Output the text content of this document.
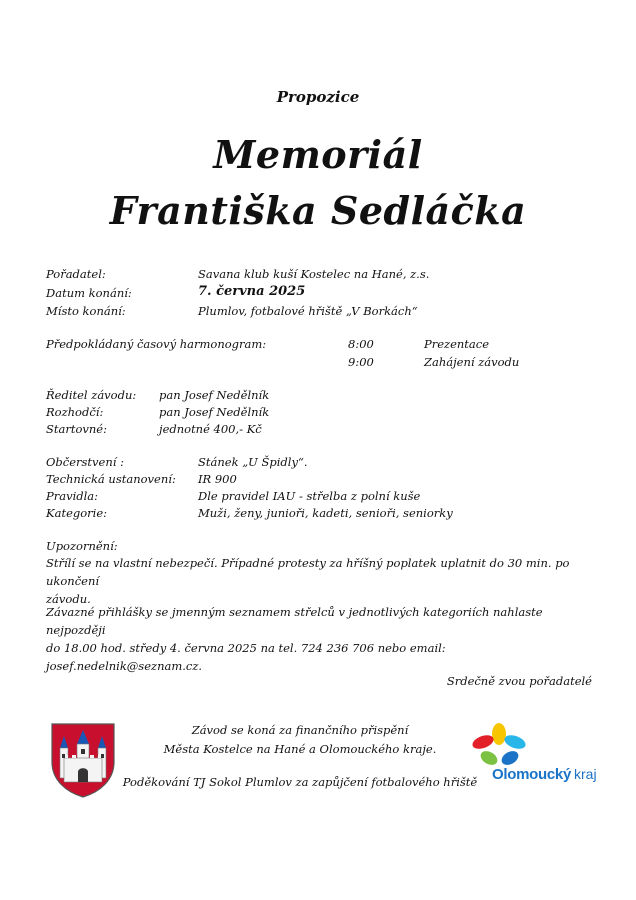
Propozice
Memoriál
Františka Sedláčka
Pořadatel:	Savana klub kuší Kostelec na Hané, z.s.
Datum konání:	7. června 2025
Místo konání:	Plumlov, fotbalové hřiště „V Borkách“
Předpokládaný časový harmonogram:	8:00	Prezentace
9:00	Zahájení závodu
Ředitel závodu: pan Josef Nedělník
Rozhodčí:	pan Josef Nedělník
Startovné:	jednotné 400,- Kč
Občerstvení :	Stánek „U Špidly“.
Technická ustanovení: IR 900
Pravidla:	Dle pravidel IAU - střelba z polní kuše
Kategorie:	Muži, ženy, junioři, kadeti, senioři, seniorky
Upozornění:
Střílí se na vlastní nebezpečí. Případné protesty za hříšný poplatek uplatnit do 30 min. po ukončení
závodu.
Závazné přihlášky se jmenným seznamem střelců v jednotlivých kategoriích nahlaste nejpozději
do 18.00 hod. středy 4. června 2025 na tel. 724 236 706 nebo email: josef.nedelnik@seznam.cz.
Srdečně zvou pořadatelé
Závod se koná za finančního přispění
Města Kostelce na Hané a Olomouckého kraje.
Poděkování TJ Sokol Plumlov za zapůjčení fotbalového hřiště Olomoucký kraj
